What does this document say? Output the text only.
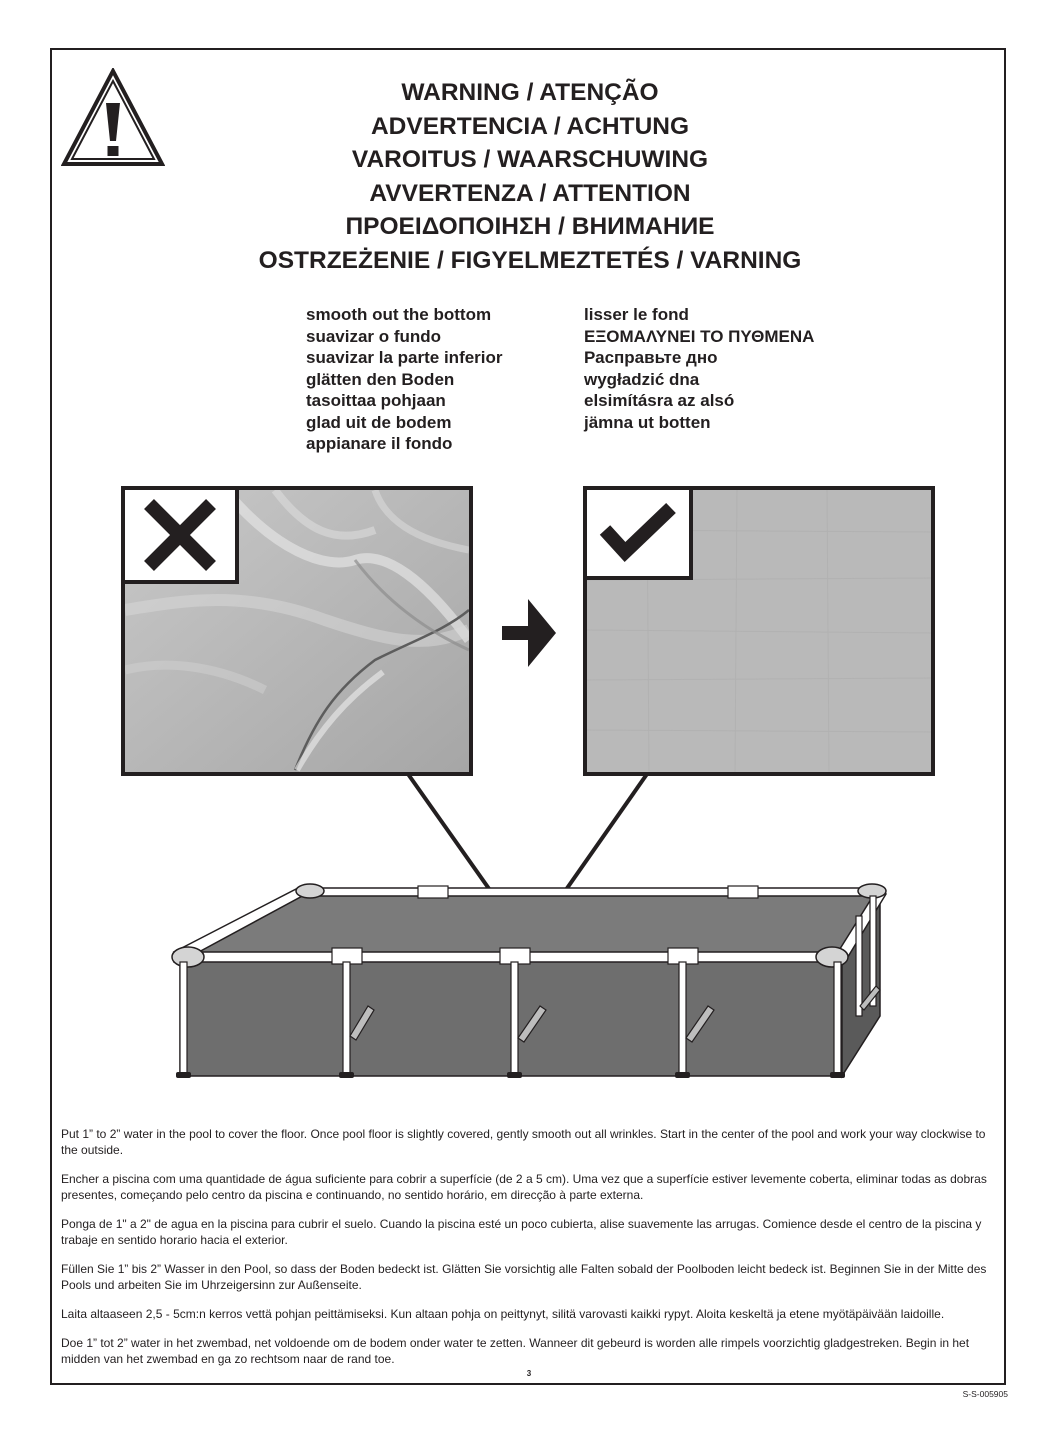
WARNING / ATENÇÃO
ADVERTENCIA / ACHTUNG
VAROITUS / WAARSCHUWING
AVVERTENZA / ATTENTION
ΠΡΟΕΙΔΟΠΟΙΗΣΗ / ВНИМАНИЕ
OSTRZEŻENIE / FIGYELMEZTETÉS / VARNING
smooth out the bottom
suavizar o fundo
suavizar la parte inferior
glätten den Boden
tasoittaa pohjaan
glad uit de bodem
appianare il fondo
lisser le fond
ΕΞΟΜΑΛΥΝΕΙ ΤΟ ΠΥΘΜΕΝΑ
Расправьте дно
wygładzić dna
elsimításra az alsó
jämna ut botten
Put 1” to 2” water in the pool to cover the floor. Once pool floor is slightly covered, gently smooth out all wrinkles. Start in the center of the pool and work your way clockwise to the outside.
Encher a piscina com uma quantidade de água suficiente para cobrir a superfície (de 2 a 5 cm). Uma vez que a superfície estiver levemente coberta, eliminar todas as dobras presentes, começando pelo centro da piscina e continuando, no sentido horário, em direcção à parte externa.
Ponga de 1" a 2" de agua en la piscina para cubrir el suelo. Cuando la piscina esté un poco cubierta, alise suavemente las arrugas. Comience desde el centro de la piscina y trabaje en sentido horario hacia el exterior.
Füllen Sie 1” bis 2” Wasser in den Pool, so dass der Boden bedeckt ist. Glätten Sie vorsichtig alle Falten sobald der Poolboden leicht bedeck ist. Beginnen Sie in der Mitte des Pools und arbeiten Sie im Uhrzeigersinn zur Außenseite.
Laita altaaseen 2,5 - 5cm:n kerros vettä pohjan peittämiseksi. Kun altaan pohja on peittynyt, silitä varovasti kaikki rypyt. Aloita keskeltä ja etene myötäpäivään laidoille.
Doe 1” tot 2” water in het zwembad, net voldoende om de bodem onder water te zetten. Wanneer dit gebeurd is worden alle rimpels voorzichtig gladgestreken. Begin in het midden van het zwembad en ga zo rechtsom naar de rand toe.
3
S-S-005905
